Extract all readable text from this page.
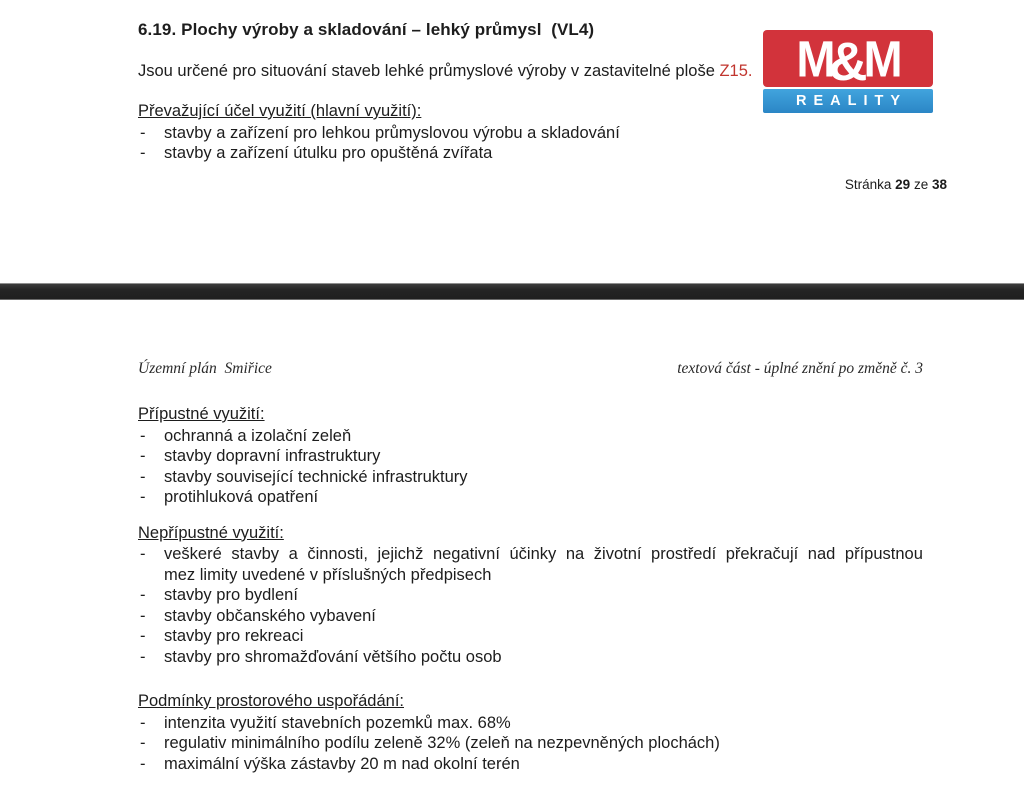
6.19. Plochy výroby a skladování – lehký průmysl  (VL4)

Jsou určené pro situování staveb lehké průmyslové výroby v zastavitelné ploše Z15.

Převažující účel využití (hlavní využití):
- stavby a zařízení pro lehkou průmyslovou výrobu a skladování
- stavby a zařízení útulku pro opuštěná zvířata
Stránka 29 ze 38
M
&
M
REALITY
Územní plán  Smiřice	textová část - úplné znění po změně č. 3
Přípustné využití:
- ochranná a izolační zeleň
- stavby dopravní infrastruktury
- stavby související technické infrastruktury
- protihluková opatření
Nepřípustné využití:
- veškeré stavby a činnosti, jejichž negativní účinky na životní prostředí překračují nad přípustnou
mez limity uvedené v příslušných předpisech
- stavby pro bydlení
- stavby občanského vybavení
- stavby pro rekreaci
- stavby pro shromažďování většího počtu osob
Podmínky prostorového uspořádání:
- intenzita využití stavebních pozemků max. 68%
- regulativ minimálního podílu zeleně 32% (zeleň na nezpevněných plochách)
- maximální výška zástavby 20 m nad okolní terén
